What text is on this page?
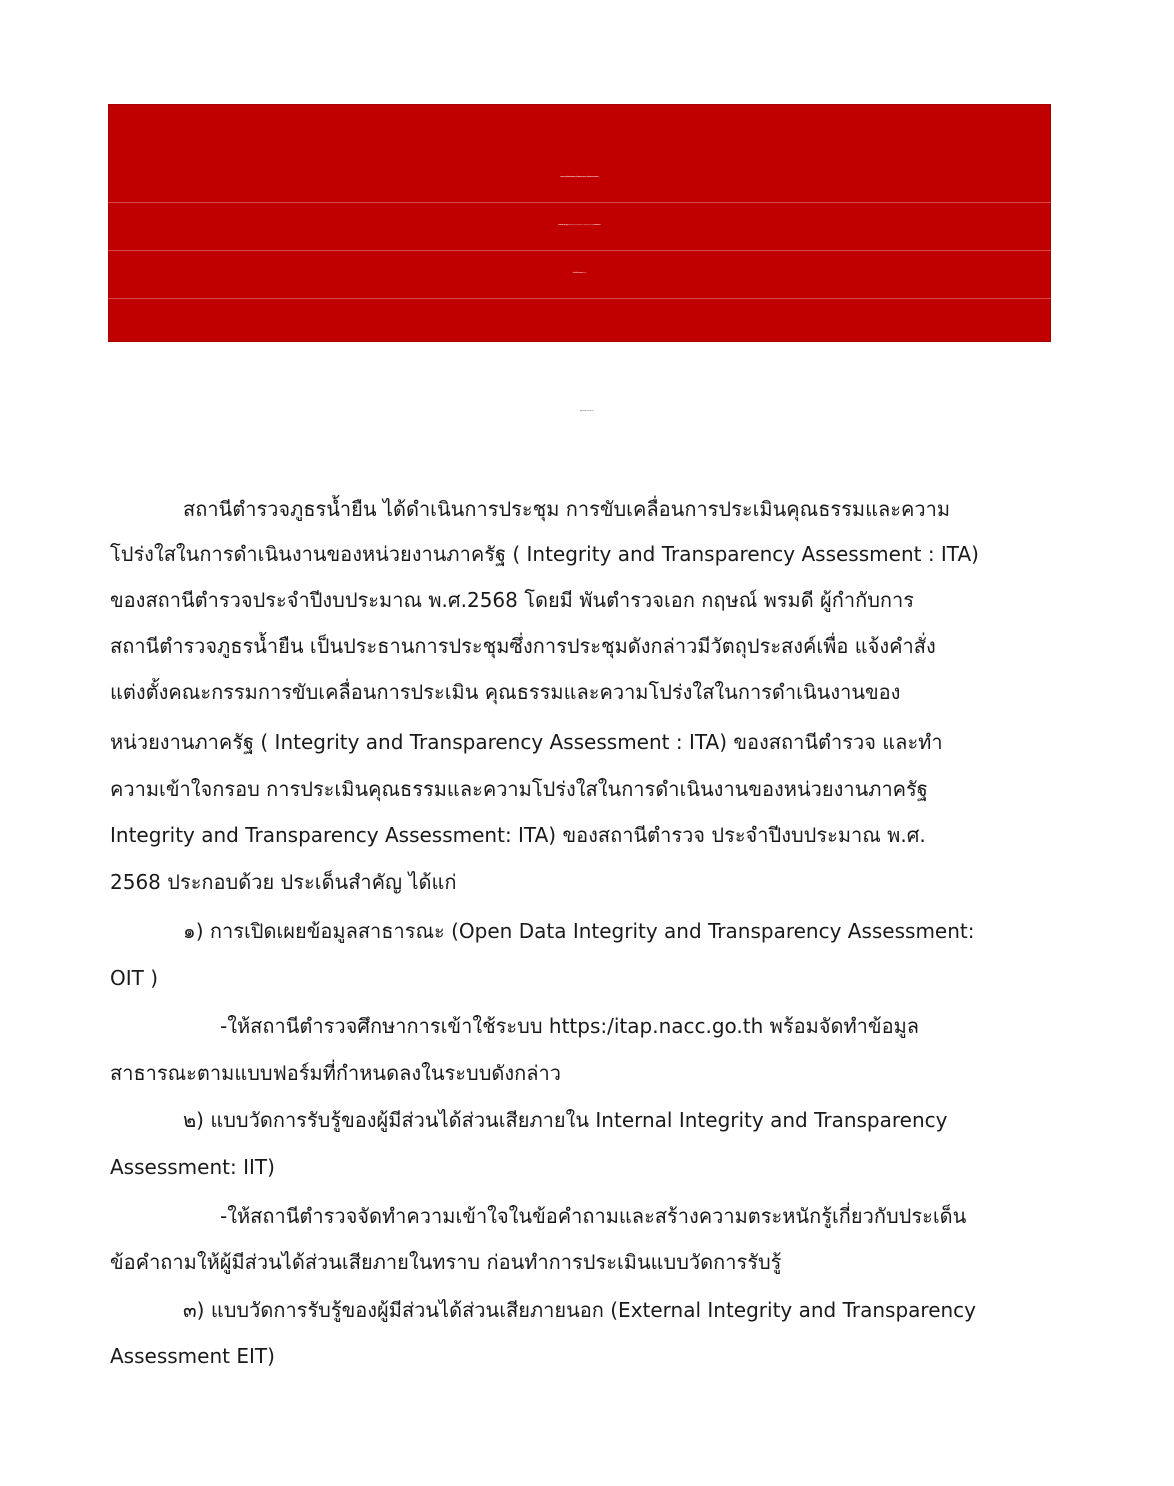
สถานีตำรวจภูธรน้ำยืน ขับเคลื่อนการประเมินคุณธรรมและความโปร่งใสในการดำเนินงาน
ของหน่วยงานภาครัฐ(Integrity and Transparency Assessment: ITA) ของสถานีตำรวจ
ประจำปีงบประมาณ พ.ศ.2568
ข้อมูล ณ วันที่ 1 มกราคม 2568
สถานีตำรวจภูธรน้ำยืน ได้ดำเนินการประชุม การขับเคลื่อนการประเมินคุณธรรมและความ
โปร่งใสในการดำเนินงานของหน่วยงานภาครัฐ ( Integrity and Transparency Assessment : ITA)
ของสถานีตำรวจประจำปีงบประมาณ พ.ศ.2568 โดยมี พันตำรวจเอก กฤษณ์ พรมดี ผู้กำกับการ
สถานีตำรวจภูธรน้ำยืน เป็นประธานการประชุมซึ่งการประชุมดังกล่าวมีวัตถุประสงค์เพื่อ แจ้งคำสั่ง
แต่งตั้งคณะกรรมการขับเคลื่อนการประเมิน คุณธรรมและความโปร่งใสในการดำเนินงานของ
หน่วยงานภาครัฐ ( Integrity and Transparency Assessment : ITA) ของสถานีตำรวจ และทำ
ความเข้าใจกรอบ การประเมินคุณธรรมและความโปร่งใสในการดำเนินงานของหน่วยงานภาครัฐ
Integrity and Transparency Assessment: ITA) ของสถานีตำรวจ ประจำปีงบประมาณ พ.ศ.
2568 ประกอบด้วย ประเด็นสำคัญ ได้แก่
๑) การเปิดเผยข้อมูลสาธารณะ (Open Data Integrity and Transparency Assessment:
OIT )
-ให้สถานีตำรวจศึกษาการเข้าใช้ระบบ https:/itap.nacc.go.th พร้อมจัดทำข้อมูล
สาธารณะตามแบบฟอร์มที่กำหนดลงในระบบดังกล่าว
๒) แบบวัดการรับรู้ของผู้มีส่วนได้ส่วนเสียภายใน Internal Integrity and Transparency
Assessment: IIT)
-ให้สถานีตำรวจจัดทำความเข้าใจในข้อคำถามและสร้างความตระหนักรู้เกี่ยวกับประเด็น
ข้อคำถามให้ผู้มีส่วนได้ส่วนเสียภายในทราบ ก่อนทำการประเมินแบบวัดการรับรู้
๓) แบบวัดการรับรู้ของผู้มีส่วนได้ส่วนเสียภายนอก (External Integrity and Transparency
Assessment EIT)
